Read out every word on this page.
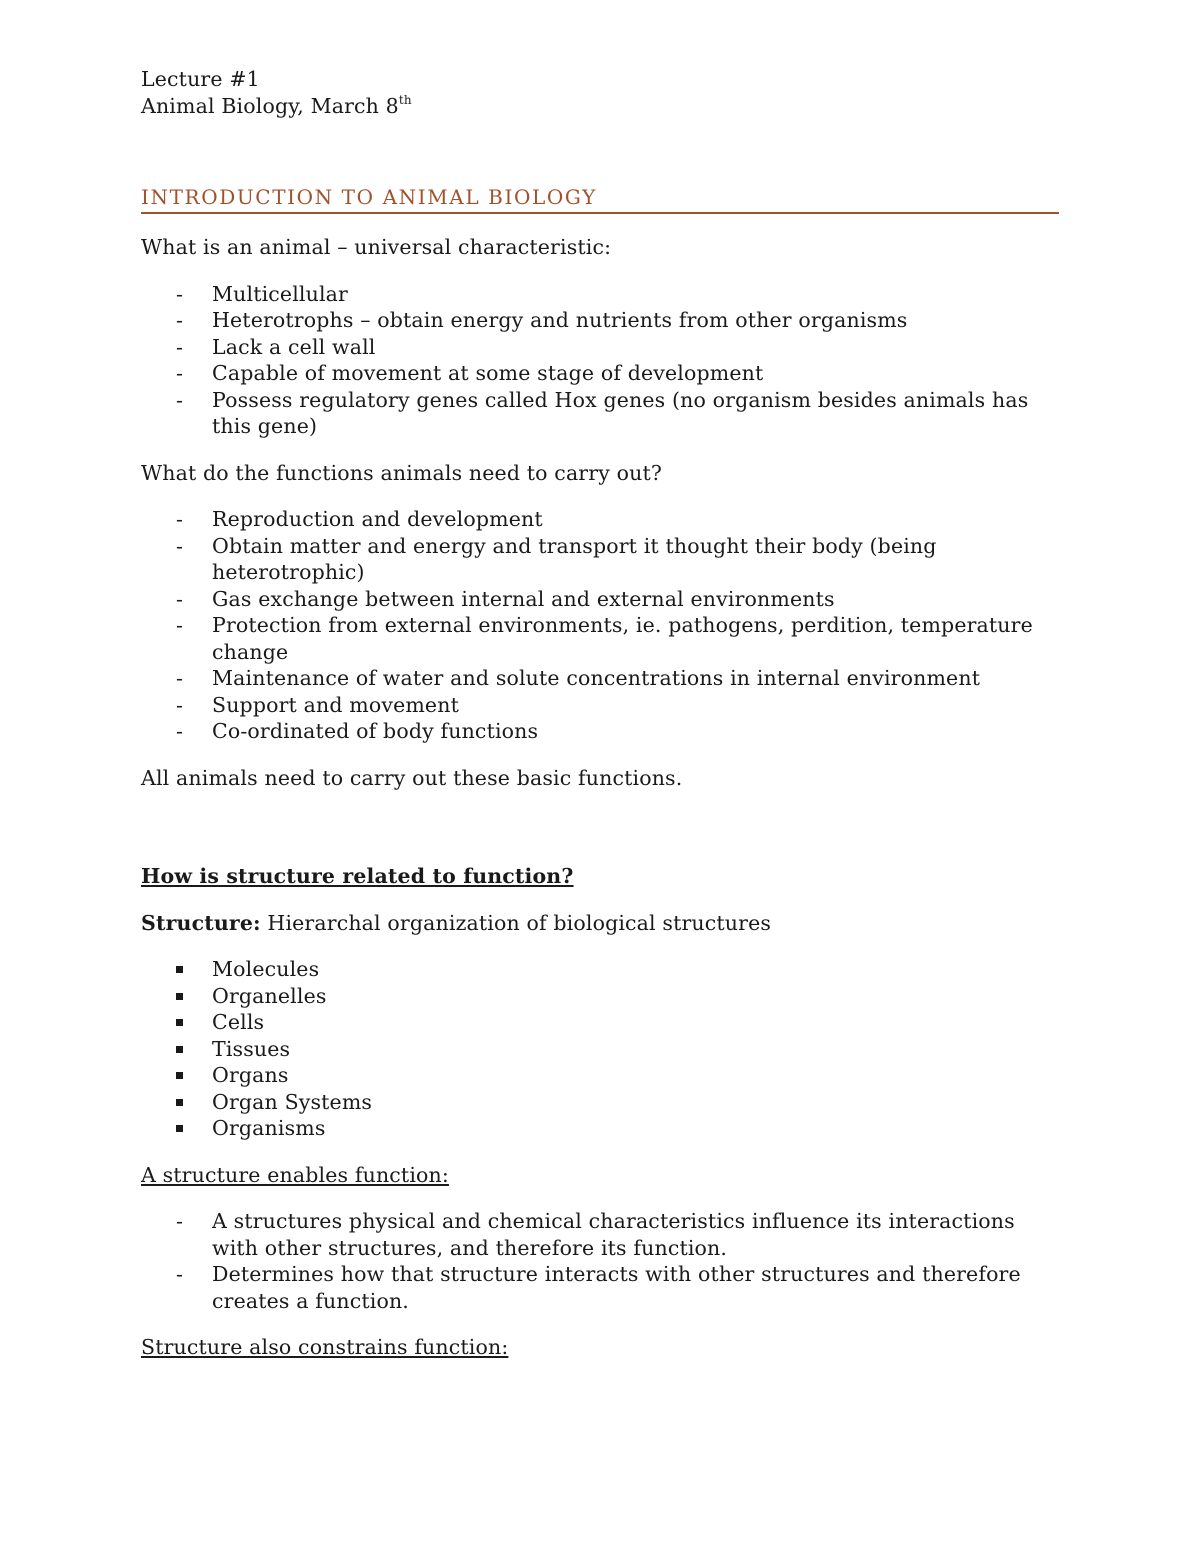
Lecture #1
Animal Biology, March 8th
INTRODUCTION TO ANIMAL BIOLOGY

What is an animal – universal characteristic:

- Multicellular
- Heterotrophs – obtain energy and nutrients from other organisms
- Lack a cell wall
- Capable of movement at some stage of development
- Possess regulatory genes called Hox genes (no organism besides animals has this gene)

What do the functions animals need to carry out?

- Reproduction and development
- Obtain matter and energy and transport it thought their body (being heterotrophic)
- Gas exchange between internal and external environments
- Protection from external environments, ie. pathogens, perdition, temperature change
- Maintenance of water and solute concentrations in internal environment
- Support and movement
- Co-ordinated of body functions

All animals need to carry out these basic functions.

How is structure related to function?

Structure: Hierarchal organization of biological structures

Molecules
Organelles
Cells
Tissues
Organs
Organ Systems
Organisms

A structure enables function:

- A structures physical and chemical characteristics influence its interactions with other structures, and therefore its function.
- Determines how that structure interacts with other structures and therefore creates a function.

Structure also constrains function:
